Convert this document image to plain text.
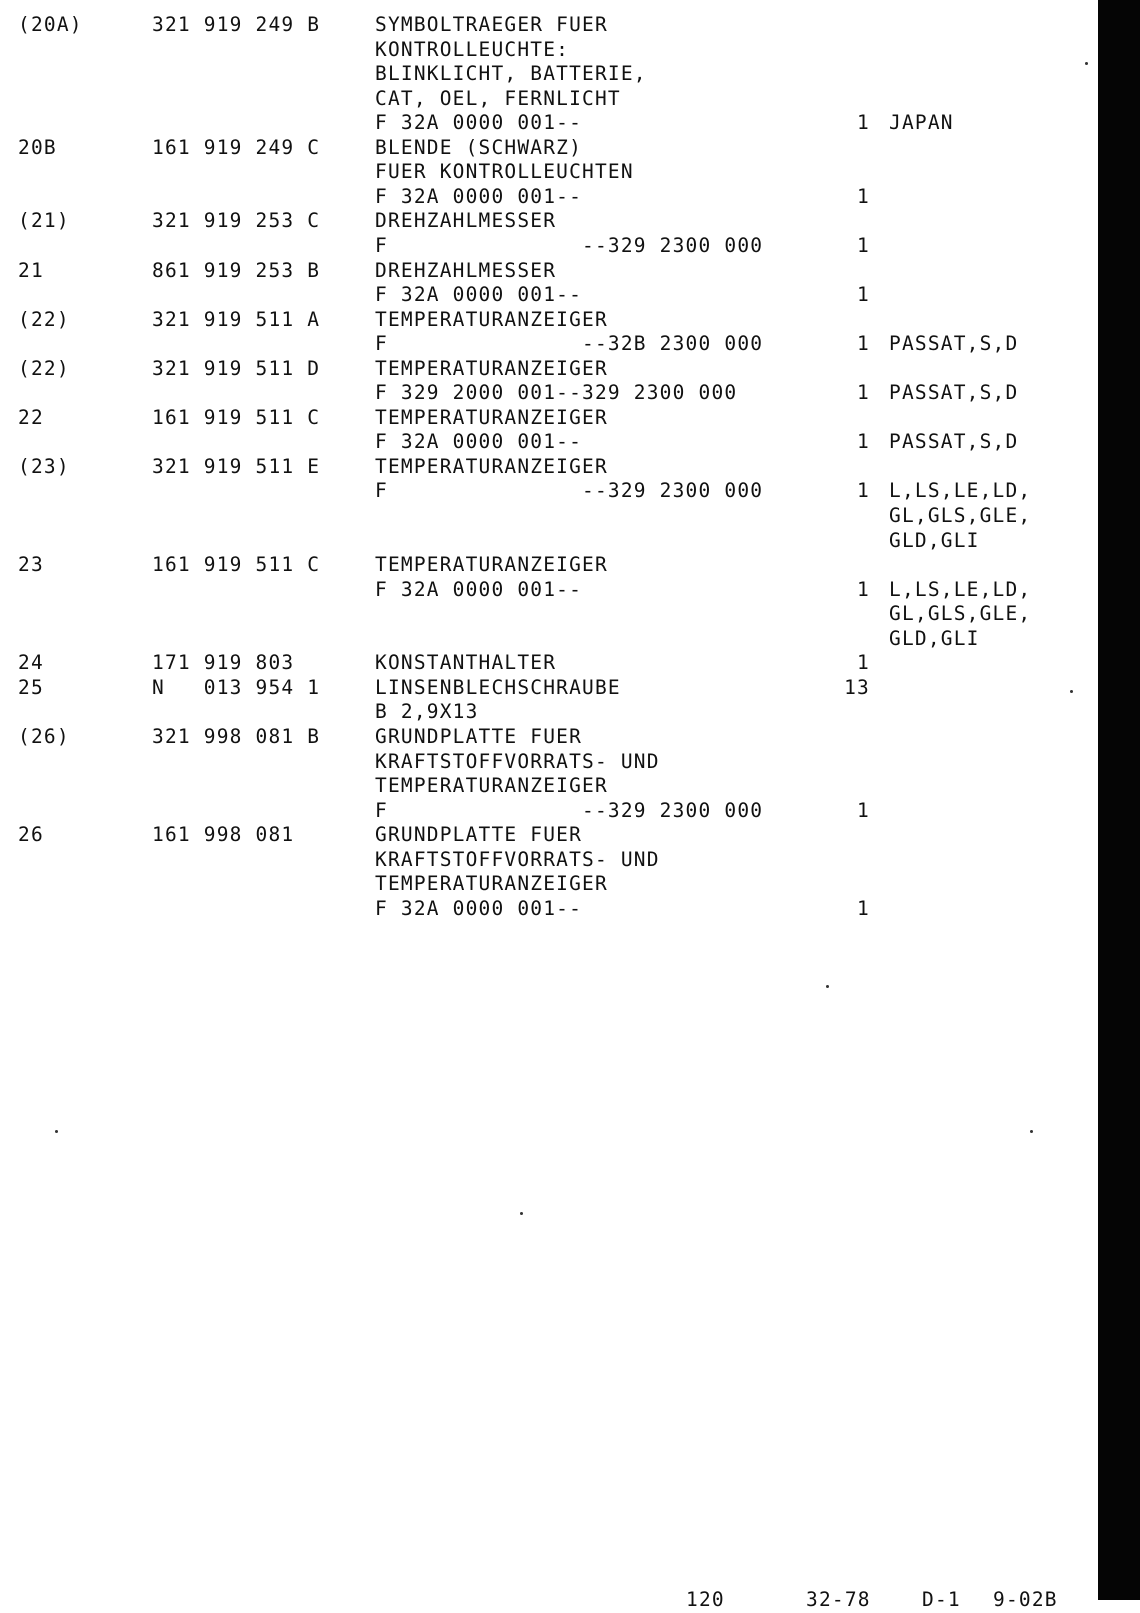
(20A)	321 919 249 B	SYMBOLTRAEGER FUER
KONTROLLEUCHTE:
BLINKLICHT, BATTERIE,
CAT, OEL, FERNLICHT
F 32A 0000 001--	1 JAPAN
20B	161 919 249 C	BLENDE (SCHWARZ)
FUER KONTROLLEUCHTEN
F 32A 0000 001--	1
(21)	321 919 253 C	DREHZAHLMESSER
F               --329 2300 000	1
21	861 919 253 B	DREHZAHLMESSER
F 32A 0000 001--	1
(22)	321 919 511 A	TEMPERATURANZEIGER
F               --32B 2300 000	1 PASSAT,S,D
(22)	321 919 511 D	TEMPERATURANZEIGER
F 329 2000 001--329 2300 000	1 PASSAT,S,D
22	161 919 511 C	TEMPERATURANZEIGER
F 32A 0000 001--	1 PASSAT,S,D
(23)	321 919 511 E	TEMPERATURANZEIGER
F               --329 2300 000	1 L,LS,LE,LD,
GL,GLS,GLE,
GLD,GLI
23	161 919 511 C	TEMPERATURANZEIGER
F 32A 0000 001--	1 L,LS,LE,LD,
GL,GLS,GLE,
GLD,GLI
24	171 919 803	KONSTANTHALTER	1
25	N   013 954 1	LINSENBLECHSCHRAUBE	13
B 2,9X13
(26)	321 998 081 B	GRUNDPLATTE FUER
KRAFTSTOFFVORRATS- UND
TEMPERATURANZEIGER
F               --329 2300 000	1
26	161 998 081	GRUNDPLATTE FUER
KRAFTSTOFFVORRATS- UND
TEMPERATURANZEIGER
F 32A 0000 001--	1
120	32-78	D-1 9-02B
